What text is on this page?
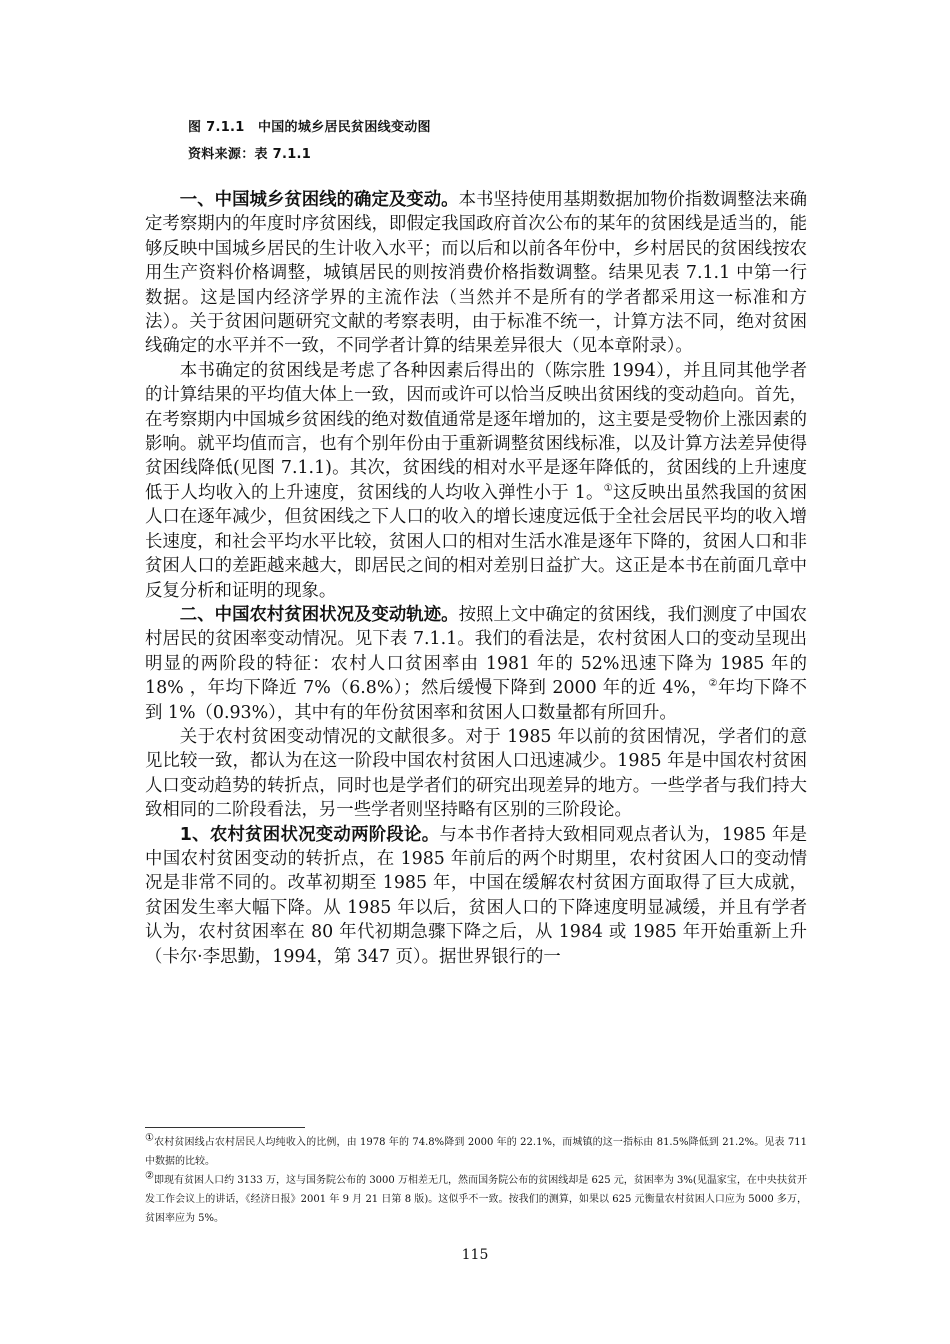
图 7.1.1　中国的城乡居民贫困线变动图
资料来源：表 7.1.1

一、中国城乡贫困线的确定及变动。本书坚持使用基期数据加物价指数调整法来确定考察期内的年度时序贫困线，即假定我国政府首次公布的某年的贫困线是适当的，能够反映中国城乡居民的生计收入水平；而以后和以前各年份中，乡村居民的贫困线按农用生产资料价格调整，城镇居民的则按消费价格指数调整。结果见表 7.1.1 中第一行数据。这是国内经济学界的主流作法（当然并不是所有的学者都采用这一标准和方法）。关于贫困问题研究文献的考察表明，由于标准不统一，计算方法不同，绝对贫困线确定的水平并不一致，不同学者计算的结果差异很大（见本章附录）。

本书确定的贫困线是考虑了各种因素后得出的（陈宗胜 1994），并且同其他学者的计算结果的平均值大体上一致，因而或许可以恰当反映出贫困线的变动趋向。首先，在考察期内中国城乡贫困线的绝对数值通常是逐年增加的，这主要是受物价上涨因素的影响。就平均值而言，也有个别年份由于重新调整贫困线标准，以及计算方法差异使得贫困线降低(见图 7.1.1)。其次，贫困线的相对水平是逐年降低的，贫困线的上升速度低于人均收入的上升速度，贫困线的人均收入弹性小于 1。①这反映出虽然我国的贫困人口在逐年减少，但贫困线之下人口的收入的增长速度远低于全社会居民平均的收入增长速度，和社会平均水平比较，贫困人口的相对生活水准是逐年下降的，贫困人口和非贫困人口的差距越来越大，即居民之间的相对差别日益扩大。这正是本书在前面几章中反复分析和证明的现象。

二、中国农村贫困状况及变动轨迹。按照上文中确定的贫困线，我们测度了中国农村居民的贫困率变动情况。见下表 7.1.1。我们的看法是，农村贫困人口的变动呈现出明显的两阶段的特征：农村人口贫困率由 1981 年的 52%迅速下降为 1985 年的 18% ，年均下降近 7%（6.8%）；然后缓慢下降到 2000 年的近 4%，②年均下降不到 1%（0.93%），其中有的年份贫困率和贫困人口数量都有所回升。

关于农村贫困变动情况的文献很多。对于 1985 年以前的贫困情况，学者们的意见比较一致，都认为在这一阶段中国农村贫困人口迅速减少。1985 年是中国农村贫困人口变动趋势的转折点，同时也是学者们的研究出现差异的地方。一些学者与我们持大致相同的二阶段看法，另一些学者则坚持略有区别的三阶段论。

1、农村贫困状况变动两阶段论。与本书作者持大致相同观点者认为，1985 年是中国农村贫困变动的转折点，在 1985 年前后的两个时期里，农村贫困人口的变动情况是非常不同的。改革初期至 1985 年，中国在缓解农村贫困方面取得了巨大成就，贫困发生率大幅下降。从 1985 年以后，贫困人口的下降速度明显减缓，并且有学者认为，农村贫困率在 80 年代初期急骤下降之后，从 1984 或 1985 年开始重新上升（卡尔·李思勤，1994，第 347 页）。据世界银行的一

①农村贫困线占农村居民人均纯收入的比例，由 1978 年的 74.8%降到 2000 年的 22.1%，而城镇的这一指标由 81.5%降低到 21.2%。见表 711 中数据的比较。

②即现有贫困人口约 3133 万，这与国务院公布的 3000 万相差无几，然而国务院公布的贫困线却是 625 元，贫困率为 3%(见温家宝，在中央扶贫开发工作会议上的讲话，《经济日报》2001 年 9 月 21 日第 8 版)。这似乎不一致。按我们的测算，如果以 625 元衡量农村贫困人口应为 5000 多万，贫困率应为 5%。

115
